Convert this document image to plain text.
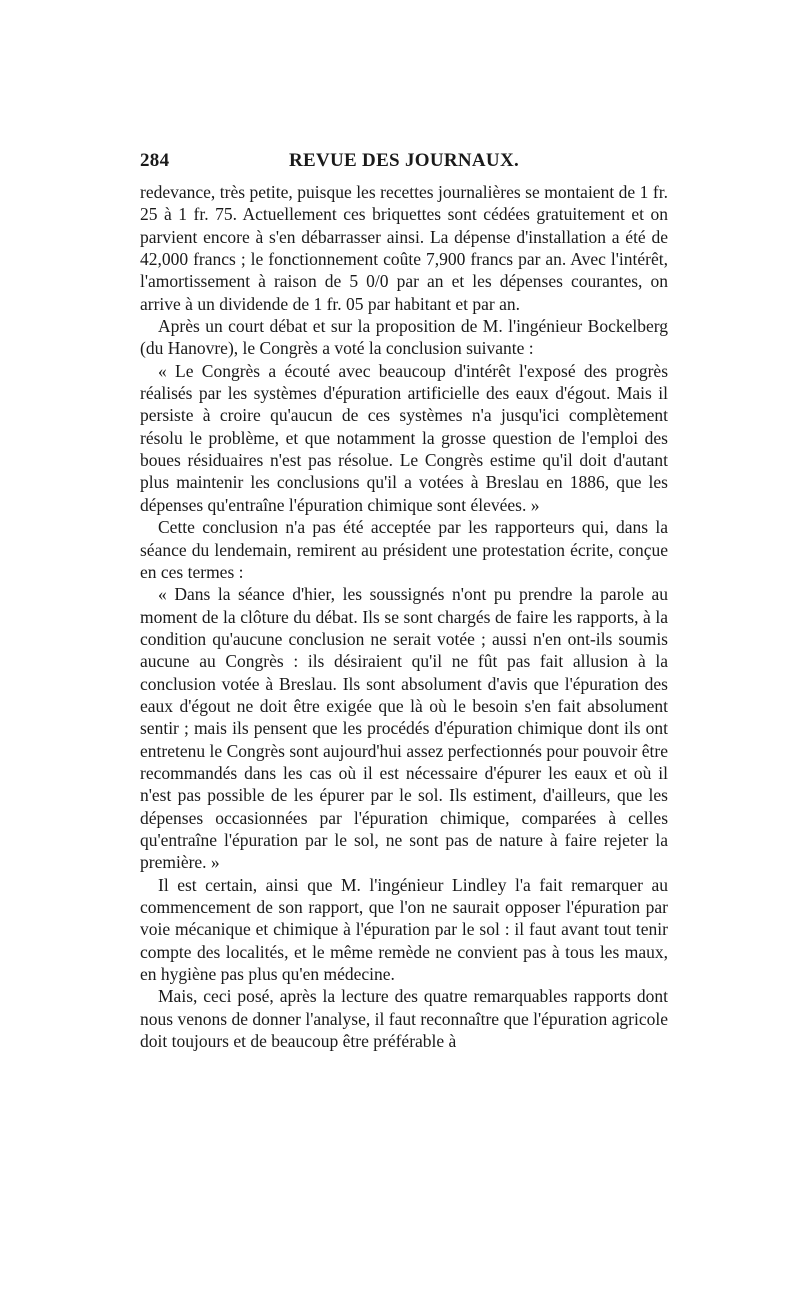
284	REVUE DES JOURNAUX.

redevance, très petite, puisque les recettes journalières se montaient de 1 fr. 25 à 1 fr. 75. Actuellement ces briquettes sont cédées gratuitement et on parvient encore à s'en débarrasser ainsi. La dépense d'installation a été de 42,000 francs ; le fonctionnement coûte 7,900 francs par an. Avec l'intérêt, l'amortissement à raison de 5 0/0 par an et les dépenses courantes, on arrive à un dividende de 1 fr. 05 par habitant et par an.

Après un court débat et sur la proposition de M. l'ingénieur Bockelberg (du Hanovre), le Congrès a voté la conclusion suivante :

« Le Congrès a écouté avec beaucoup d'intérêt l'exposé des progrès réalisés par les systèmes d'épuration artificielle des eaux d'égout. Mais il persiste à croire qu'aucun de ces systèmes n'a jusqu'ici complètement résolu le problème, et que notamment la grosse question de l'emploi des boues résiduaires n'est pas résolue. Le Congrès estime qu'il doit d'autant plus maintenir les conclusions qu'il a votées à Breslau en 1886, que les dépenses qu'entraîne l'épuration chimique sont élevées. »

Cette conclusion n'a pas été acceptée par les rapporteurs qui, dans la séance du lendemain, remirent au président une protestation écrite, conçue en ces termes :

« Dans la séance d'hier, les soussignés n'ont pu prendre la parole au moment de la clôture du débat. Ils se sont chargés de faire les rapports, à la condition qu'aucune conclusion ne serait votée ; aussi n'en ont-ils soumis aucune au Congrès : ils désiraient qu'il ne fût pas fait allusion à la conclusion votée à Breslau. Ils sont absolument d'avis que l'épuration des eaux d'égout ne doit être exigée que là où le besoin s'en fait absolument sentir ; mais ils pensent que les procédés d'épuration chimique dont ils ont entretenu le Congrès sont aujourd'hui assez perfectionnés pour pouvoir être recommandés dans les cas où il est nécessaire d'épurer les eaux et où il n'est pas possible de les épurer par le sol. Ils estiment, d'ailleurs, que les dépenses occasionnées par l'épuration chimique, comparées à celles qu'entraîne l'épuration par le sol, ne sont pas de nature à faire rejeter la première. »

Il est certain, ainsi que M. l'ingénieur Lindley l'a fait remarquer au commencement de son rapport, que l'on ne saurait opposer l'épuration par voie mécanique et chimique à l'épuration par le sol : il faut avant tout tenir compte des localités, et le même remède ne convient pas à tous les maux, en hygiène pas plus qu'en médecine.

Mais, ceci posé, après la lecture des quatre remarquables rapports dont nous venons de donner l'analyse, il faut reconnaître que l'épuration agricole doit toujours et de beaucoup être préférable à
